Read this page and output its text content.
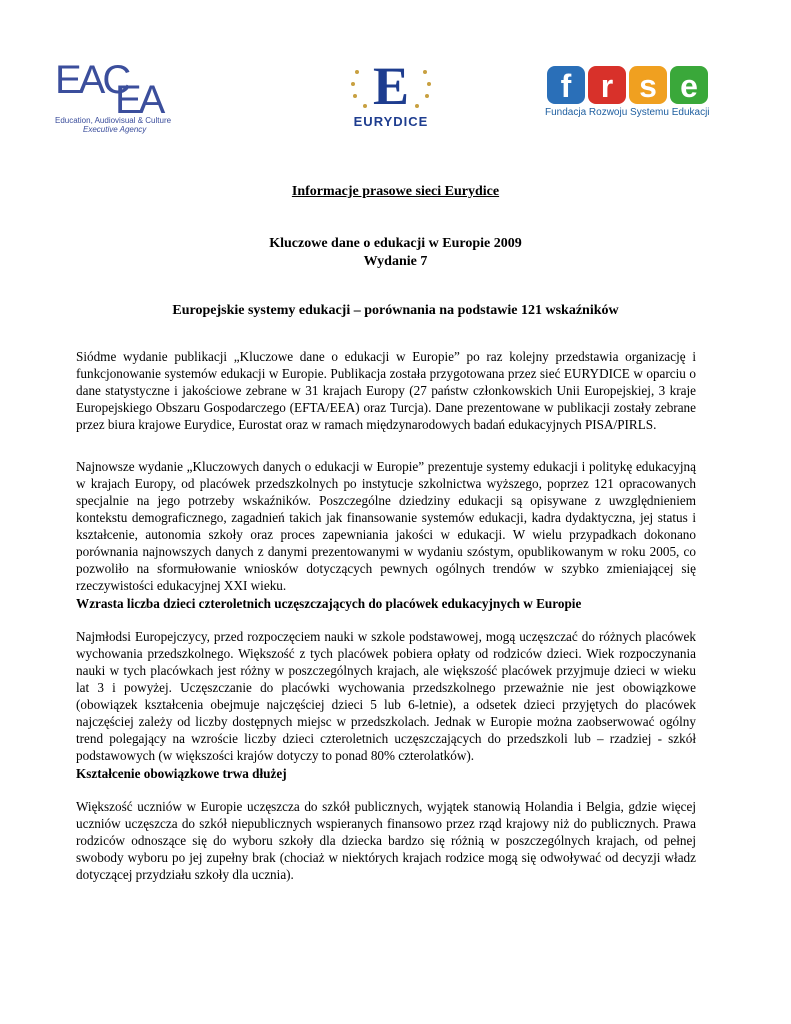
EAC
EA
Education, Audiovisual & Culture
Executive Agency
E
EURYDICE
f r s e
Fundacja Rozwoju Systemu Edukacji
Informacje prasowe sieci Eurydice
Kluczowe dane o edukacji w Europie 2009
Wydanie 7
Europejskie systemy edukacji – porównania na podstawie 121 wskaźników

Siódme wydanie publikacji „Kluczowe dane o edukacji w Europie” po raz kolejny przedstawia organizację i funkcjonowanie systemów edukacji w Europie. Publikacja została przygotowana przez sieć EURYDICE w oparciu o dane statystyczne i jakościowe zebrane w 31 krajach Europy (27 państw członkowskich Unii Europejskiej, 3 kraje Europejskiego Obszaru Gospodarczego (EFTA/EEA) oraz Turcja). Dane prezentowane w publikacji zostały zebrane przez biura krajowe Eurydice, Eurostat oraz w ramach międzynarodowych badań edukacyjnych PISA/PIRLS.

Najnowsze wydanie „Kluczowych danych o edukacji w Europie” prezentuje systemy edukacji i politykę edukacyjną w krajach Europy, od placówek przedszkolnych po instytucje szkolnictwa wyższego, poprzez 121 opracowanych specjalnie na jego potrzeby wskaźników. Poszczególne dziedziny edukacji są opisywane z uwzględnieniem kontekstu demograficznego, zagadnień takich jak finansowanie systemów edukacji, kadra dydaktyczna, jej status i kształcenie, autonomia szkoły oraz proces zapewniania jakości w edukacji. W wielu przypadkach dokonano porównania najnowszych danych z danymi prezentowanymi w wydaniu szóstym, opublikowanym w roku 2005, co pozwoliło na sformułowanie wniosków dotyczących pewnych ogólnych trendów w szybko zmieniającej się rzeczywistości edukacyjnej XXI wieku.

Wzrasta liczba dzieci czteroletnich uczęszczających do placówek edukacyjnych w Europie

Najmłodsi Europejczycy, przed rozpoczęciem nauki w szkole podstawowej, mogą uczęszczać do różnych placówek wychowania przedszkolnego. Większość z tych placówek pobiera opłaty od rodziców dzieci. Wiek rozpoczynania nauki w tych placówkach jest różny w poszczególnych krajach, ale większość placówek przyjmuje dzieci w wieku lat 3 i powyżej. Uczęszczanie do placówki wychowania przedszkolnego przeważnie nie jest obowiązkowe (obowiązek kształcenia obejmuje najczęściej dzieci 5 lub 6-letnie), a odsetek dzieci przyjętych do placówek najczęściej zależy od liczby dostępnych miejsc w przedszkolach. Jednak w Europie można zaobserwować ogólny trend polegający na wzroście liczby dzieci czteroletnich uczęszczających do przedszkoli lub – rzadziej - szkół podstawowych (w większości krajów dotyczy to ponad 80% czterolatków).

Kształcenie obowiązkowe trwa dłużej

Większość uczniów w Europie uczęszcza do szkół publicznych, wyjątek stanowią Holandia i Belgia, gdzie więcej uczniów uczęszcza do szkół niepublicznych wspieranych finansowo przez rząd krajowy niż do publicznych. Prawa rodziców odnoszące się do wyboru szkoły dla dziecka bardzo się różnią w poszczególnych krajach, od pełnej swobody wyboru po jej zupełny brak (chociaż w niektórych krajach rodzice mogą się odwoływać od decyzji władz dotyczącej przydziału szkoły dla ucznia).
